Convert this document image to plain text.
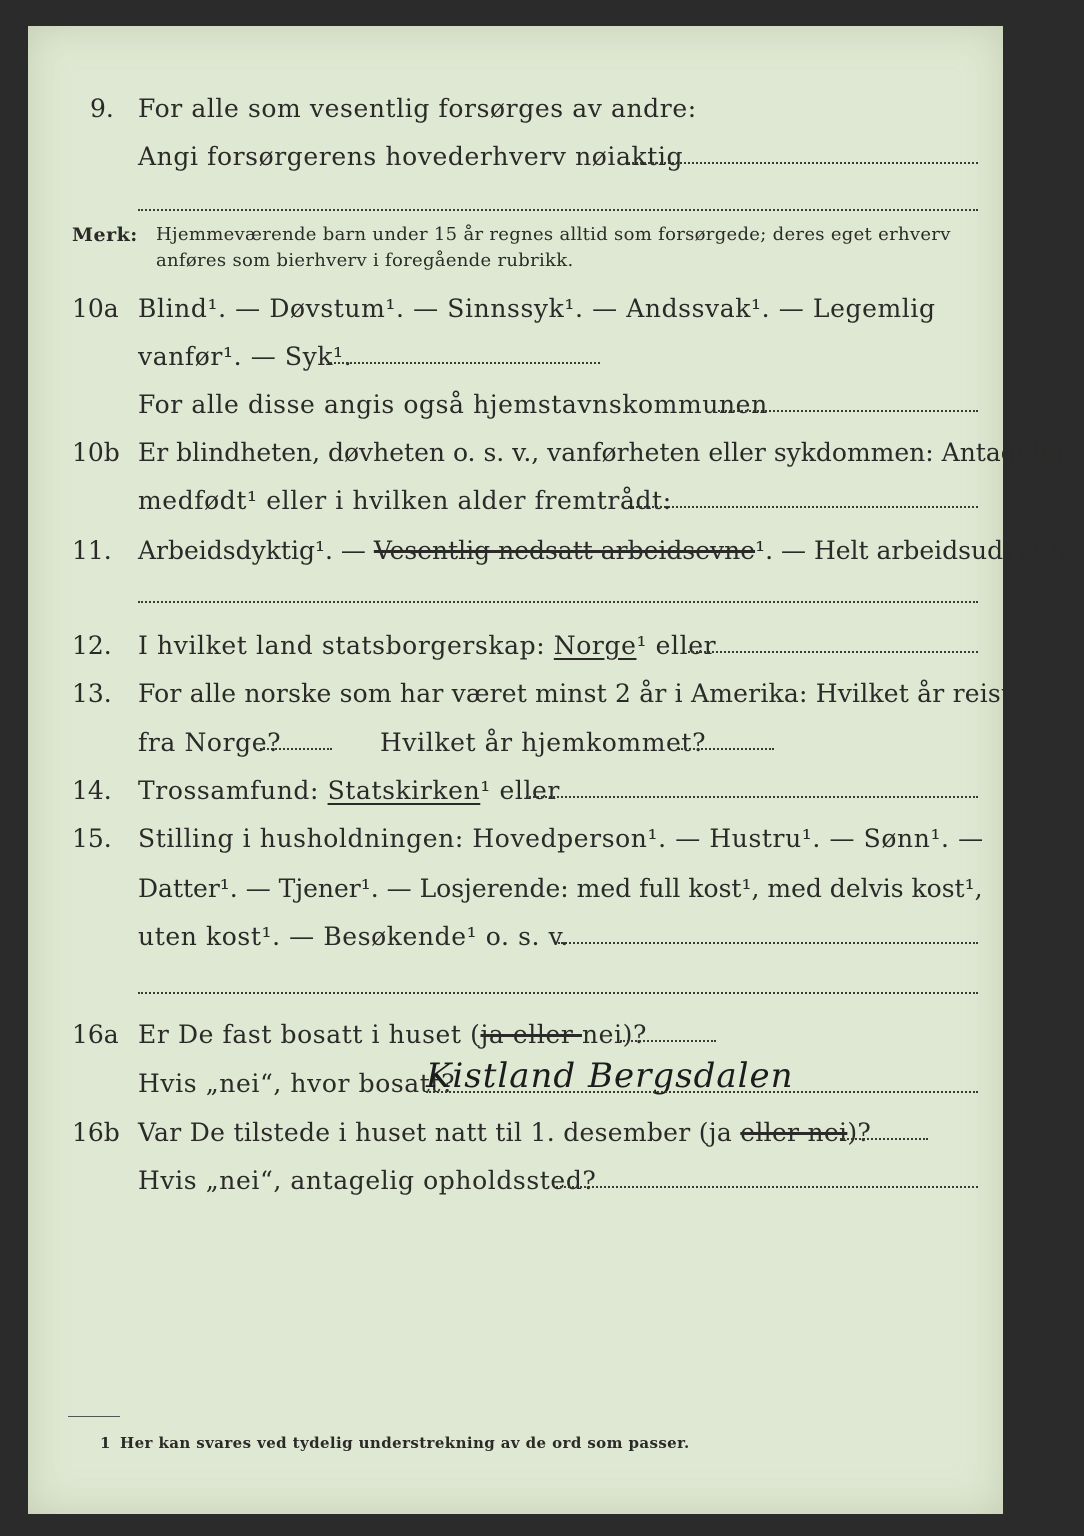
9. For alle som vesentlig forsørges av andre:
Angi forsørgerens hovederhverv nøiaktig
Merk: Hjemmeværende barn under 15 år regnes alltid som forsørgede; deres eget erhverv
anføres som bierhverv i foregående rubrikk.
10a Blind¹. — Døvstum¹. — Sinnssyk¹. — Andssvak¹. — Legemlig
vanfør¹. — Syk¹.
For alle disse angis også hjemstavnskommunen
10b Er blindheten, døvheten o. s. v., vanførheten eller sykdommen: Antagelig
medfødt¹ eller i hvilken alder fremtrådt:
11. Arbeidsdyktig¹. — Vesentlig nedsatt arbeidsevne¹. — Helt arbeidsudyktig¹.
12. I hvilket land statsborgerskap: Norge¹ eller
13. For alle norske som har været minst 2 år i Amerika: Hvilket år reist
fra Norge?	Hvilket år hjemkommet?
14. Trossamfund: Statskirken¹ eller
15. Stilling i husholdningen: Hovedperson¹. — Hustru¹. — Sønn¹. —
Datter¹. — Tjener¹. — Losjerende: med full kost¹, med delvis kost¹,
uten kost¹. — Besøkende¹ o. s. v.
16a Er De fast bosatt i huset (ja eller nei)?
Hvis „nei“, hvor bosatt?
Kistland Bergsdalen
16b Var De tilstede i huset natt til 1. desember (ja eller nei)?
Hvis „nei“, antagelig opholdssted?
1 Her kan svares ved tydelig understrekning av de ord som passer.
